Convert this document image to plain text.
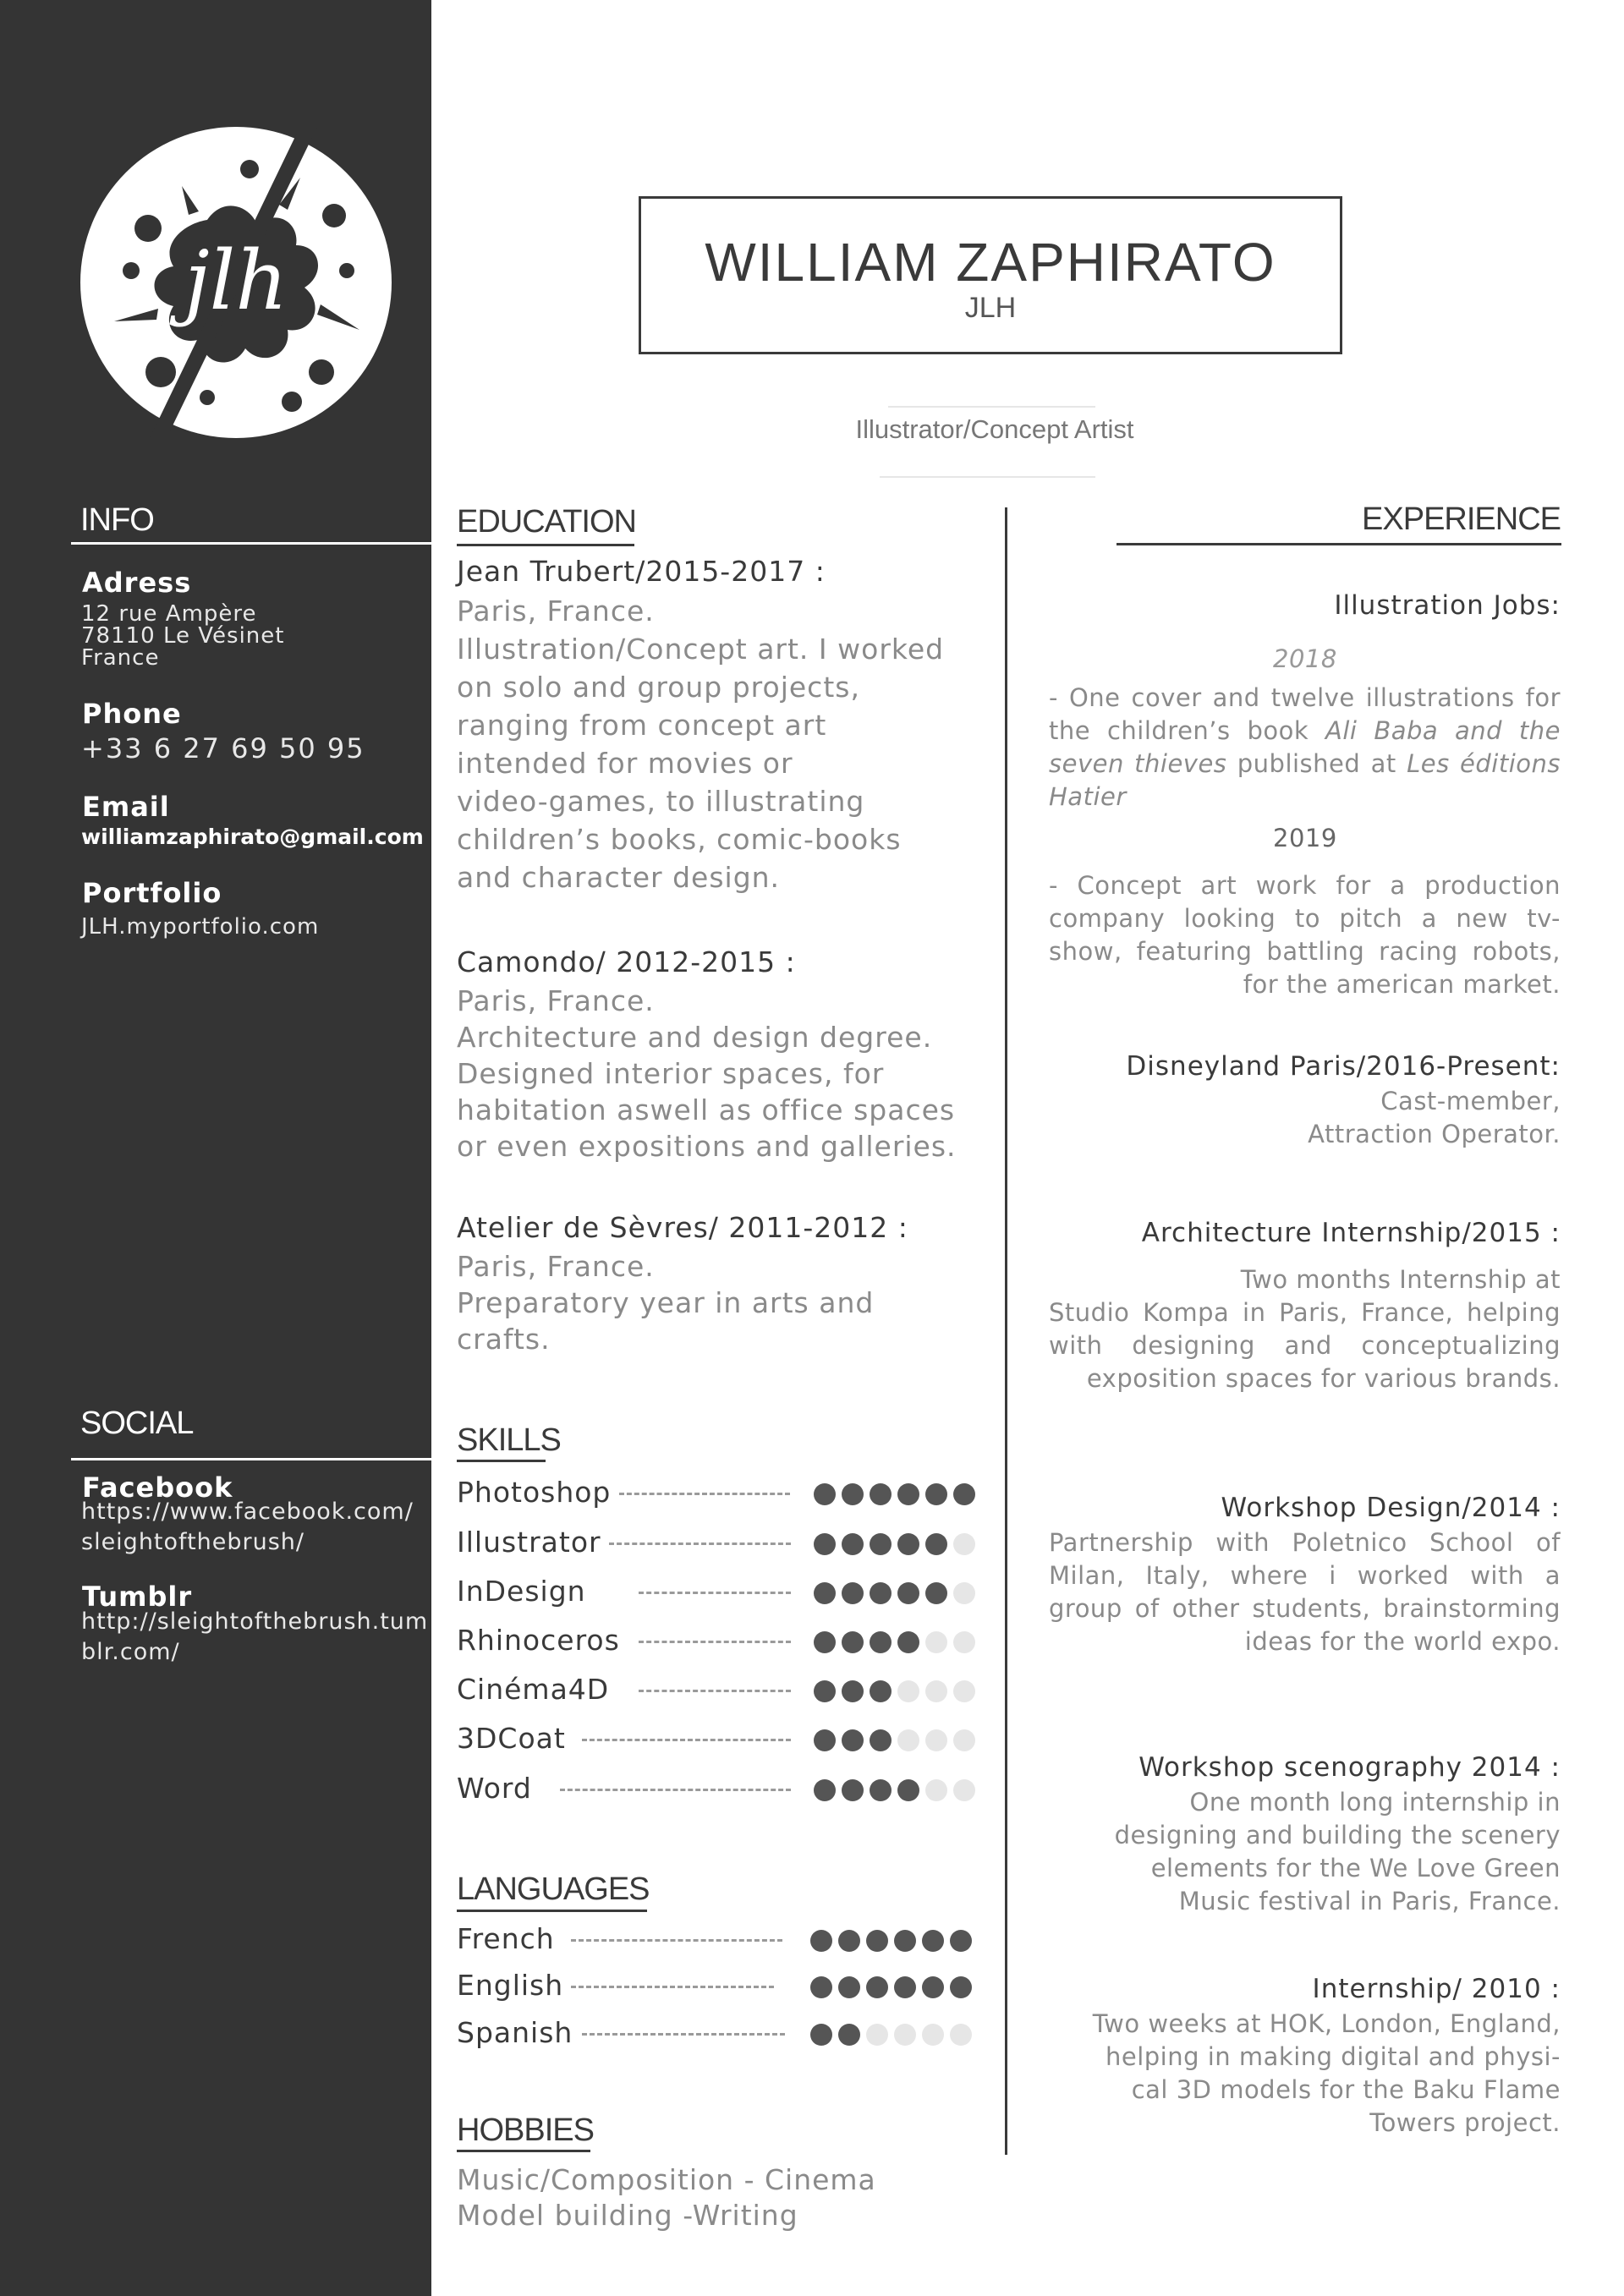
jlh
INFO
Adress
12 rue Ampère
78110 Le Vésinet
France
Phone
+33 6 27 69 50 95
Email
williamzaphirato@gmail.com
Portfolio
JLH.myportfolio.com
SOCIAL
Facebook
https://www.facebook.com/
sleightofthebrush/
Tumblr
http://sleightofthebrush.tum
blr.com/
WILLIAM ZAPHIRATO
JLH
Illustrator/Concept Artist
EDUCATION
Jean Trubert/2015-2017 :
Paris, France.
Illustration/Concept art. I worked
on solo and group projects,
ranging from concept art
intended for movies or
video-games, to illustrating
children’s books, comic-books
and character design.
Camondo/ 2012-2015 :
Paris, France.
Architecture and design degree.
Designed interior spaces, for
habitation aswell as office spaces
or even expositions and galleries.
Atelier de Sèvres/ 2011-2012 :
Paris, France.
Preparatory year in arts and
crafts.
SKILLS
Photoshop
Illustrator
InDesign
Rhinoceros
Cinéma4D
3DCoat
Word
LANGUAGES
French
English
Spanish
HOBBIES
Music/Composition - Cinema
Model building -Writing
EXPERIENCE
Illustration Jobs:
2018
- One cover and twelve illustrations for the children’s book Ali Baba and the seven thieves published at Les éditions Hatier
2019
- Concept art work for a production company looking to pitch a new tv-show, featuring battling racing robots, for the american market.
Disneyland Paris/2016-Present:
Cast-member,
Attraction Operator.
Architecture Internship/2015 :
Two months Internship at
Studio Kompa in Paris, France, helping with designing and conceptualizing exposition spaces for various brands.
Workshop Design/2014 :
Partnership with Poletnico School of Milan, Italy, where i worked with a group of other students, brainstorming ideas for the world expo.
Workshop scenography 2014 :
One month long internship in
designing and building the scenery
elements for the We Love Green
Music festival in Paris, France.
Internship/ 2010 :
Two weeks at HOK, London, England,
helping in making digital and physi-
cal 3D models for the Baku Flame
Towers project.
